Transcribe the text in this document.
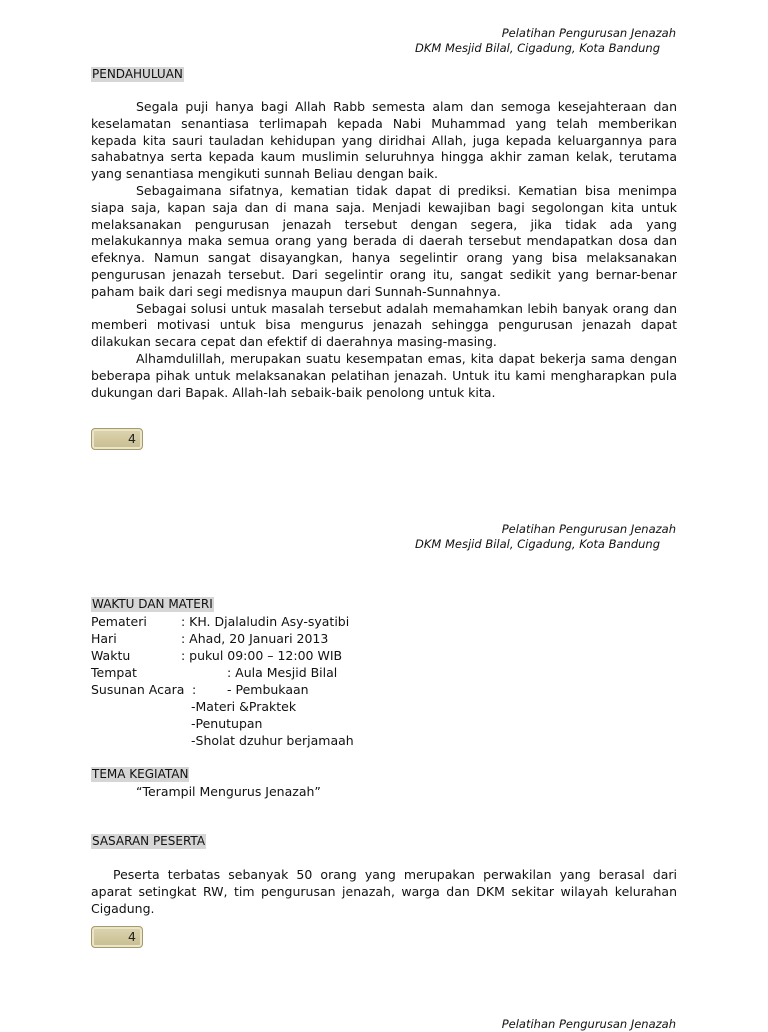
Pelatihan Pengurusan Jenazah
DKM Mesjid Bilal, Cigadung, Kota Bandung
PENDAHULUAN

Segala puji hanya bagi Allah Rabb semesta alam dan semoga kesejahteraan dan keselamatan senantiasa terlimapah kepada Nabi Muhammad yang telah memberikan kepada kita sauri tauladan kehidupan yang diridhai Allah, juga kepada keluargannya para sahabatnya serta kepada kaum muslimin seluruhnya hingga akhir zaman kelak, terutama yang senantiasa mengikuti sunnah Beliau dengan baik.

Sebagaimana sifatnya, kematian tidak dapat di prediksi. Kematian bisa menimpa siapa saja, kapan saja dan di mana saja. Menjadi kewajiban bagi segolongan kita untuk melaksanakan pengurusan jenazah tersebut dengan segera, jika tidak ada yang melakukannya maka semua orang yang berada di daerah tersebut mendapatkan dosa dan efeknya. Namun sangat disayangkan, hanya segelintir orang yang bisa melaksanakan pengurusan jenazah tersebut. Dari segelintir orang itu, sangat sedikit yang bernar-benar paham baik dari segi medisnya maupun dari Sunnah-Sunnahnya.

Sebagai solusi untuk masalah tersebut adalah memahamkan lebih banyak orang dan memberi motivasi untuk bisa mengurus jenazah sehingga pengurusan jenazah dapat dilakukan secara cepat dan efektif di daerahnya masing-masing.

Alhamdulillah, merupakan suatu kesempatan emas, kita dapat bekerja sama dengan beberapa pihak untuk melaksanakan pelatihan jenazah. Untuk itu kami mengharapkan pula dukungan dari Bapak. Allah-lah sebaik-baik penolong untuk kita.

4
Pelatihan Pengurusan Jenazah
DKM Mesjid Bilal, Cigadung, Kota Bandung
WAKTU DAN MATERI
Pemateri	: KH. Djalaludin Asy-syatibi
Hari	: Ahad, 20 Januari 2013
Waktu	: pukul 09:00 – 12:00 WIB
Tempat	: Aula Mesjid Bilal
Susunan Acara : - Pembukaan
-Materi &Praktek
-Penutupan
-Sholat dzuhur berjamaah
TEMA KEGIATAN
“Terampil Mengurus Jenazah”
SASARAN PESERTA

Peserta terbatas sebanyak 50 orang yang merupakan perwakilan yang berasal dari aparat setingkat RW, tim pengurusan jenazah, warga dan DKM sekitar wilayah kelurahan Cigadung.

4
Pelatihan Pengurusan Jenazah
